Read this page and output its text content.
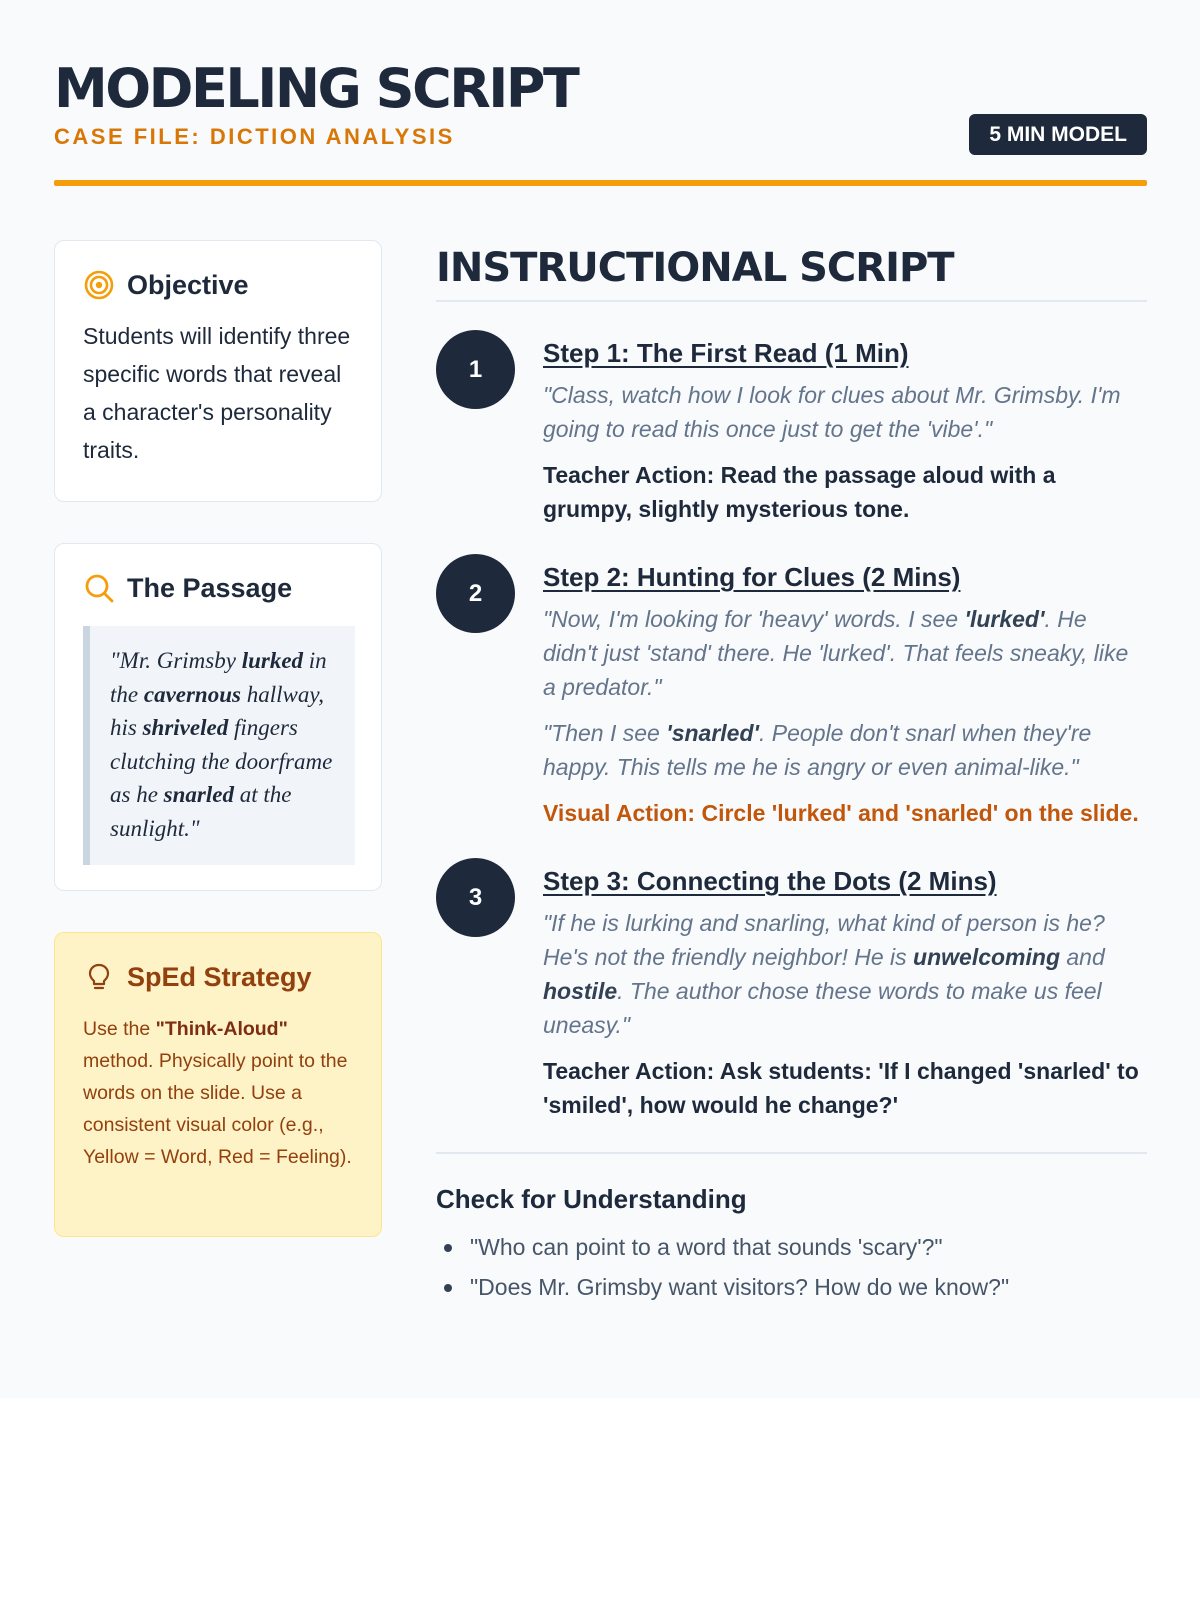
MODELING SCRIPT
CASE FILE: DICTION ANALYSIS	5 MIN MODEL
Objective

Students will identify three specific words that reveal a character's personality traits.

The Passage
"Mr. Grimsby lurked in the cavernous hallway, his shriveled fingers clutching the doorframe as he snarled at the sunlight."
SpEd Strategy

Use the "Think-Aloud" method. Physically point to the words on the slide. Use a consistent visual color (e.g., Yellow = Word, Red = Feeling).

INSTRUCTIONAL SCRIPT
1
Step 1: The First Read (1 Min)

"Class, watch how I look for clues about Mr. Grimsby. I'm going to read this once just to get the 'vibe'."

Teacher Action: Read the passage aloud with a grumpy, slightly mysterious tone.
2
Step 2: Hunting for Clues (2 Mins)

"Now, I'm looking for 'heavy' words. I see 'lurked'. He didn't just 'stand' there. He 'lurked'. That feels sneaky, like a predator."

"Then I see 'snarled'. People don't snarl when they're happy. This tells me he is angry or even animal-like."

Visual Action: Circle 'lurked' and 'snarled' on the slide.
3
Step 3: Connecting the Dots (2 Mins)

"If he is lurking and snarling, what kind of person is he? He's not the friendly neighbor! He is unwelcoming and hostile. The author chose these words to make us feel uneasy."

Teacher Action: Ask students: 'If I changed 'snarled' to 'smiled', how would he change?'
Check for Understanding
"Who can point to a word that sounds 'scary'?"
"Does Mr. Grimsby want visitors? How do we know?"
